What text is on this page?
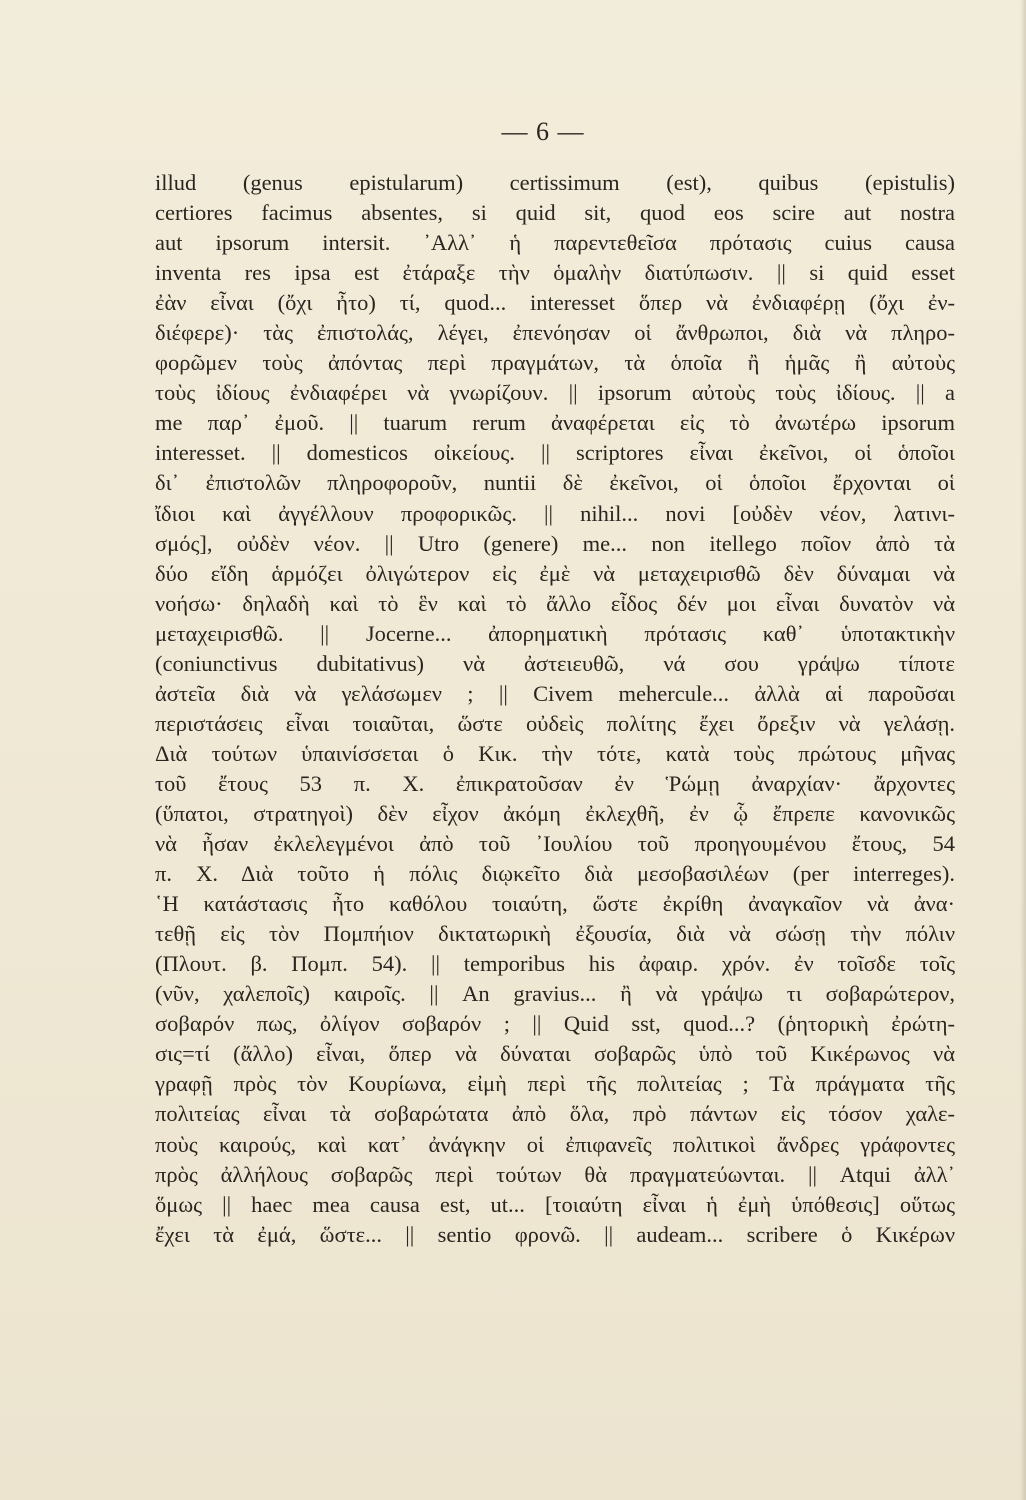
— 6 —
illud (genus epistularum) certissimum (est), quibus (epistulis)
certiores facimus absentes, si quid sit, quod eos scire aut nostra
aut ipsorum intersit. ᾿Αλλ᾿ ἡ παρεντεθεῖσα πρότασις cuius causa
inventa res ipsa est ἐτάραξε τὴν ὁμαλὴν διατύπωσιν. || si quid esset
ἐὰν εἶναι (ὄχι ἦτο) τί, quod... interesset ὅπερ νὰ ἐνδιαφέρῃ (ὄχι ἐν-
διέφερε)· τὰς ἐπιστολάς, λέγει, ἐπενόησαν οἱ ἄνθρωποι, διὰ νὰ πληρο-
φορῶμεν τοὺς ἀπόντας περὶ πραγμάτων, τὰ ὁποῖα ἢ ἡμᾶς ἢ αὐτοὺς
τοὺς ἰδίους ἐνδιαφέρει νὰ γνωρίζουν. || ipsorum αὐτοὺς τοὺς ἰδίους. || a
me παρ᾿ ἐμοῦ. || tuarum rerum ἀναφέρεται εἰς τὸ ἀνωτέρω ipsorum
interesset. || domesticos οἰκείους. || scriptores εἶναι ἐκεῖνοι, οἱ ὁποῖοι
δι᾿ ἐπιστολῶν πληροφοροῦν, nuntii δὲ ἐκεῖνοι, οἱ ὁποῖοι ἔρχονται οἱ
ἴδιοι καὶ ἀγγέλλουν προφορικῶς. || nihil... novi [οὐδὲν νέον, λατινι-
σμός], οὐδὲν νέον. || Utro (genere) me... non itellego ποῖον ἀπὸ τὰ
δύο εἴδη ἁρμόζει ὀλιγώτερον εἰς ἐμὲ νὰ μεταχειρισθῶ δὲν δύναμαι νὰ
νοήσω· δηλαδὴ καὶ τὸ ἓν καὶ τὸ ἄλλο εἶδος δέν μοι εἶναι δυνατὸν νὰ
μεταχειρισθῶ. || Jocerne... ἀπορηματικὴ πρότασις καθ᾿ ὑποτακτικὴν
(coniunctivus dubitativus) νὰ ἀστειευθῶ, νά σου γράψω τίποτε
ἀστεῖα διὰ νὰ γελάσωμεν ; || Civem mehercule... ἀλλὰ αἱ παροῦσαι
περιστάσεις εἶναι τοιαῦται, ὥστε οὐδεὶς πολίτης ἔχει ὄρεξιν νὰ γελάσῃ.
Διὰ τούτων ὑπαινίσσεται ὁ Κικ. τὴν τότε, κατὰ τοὺς πρώτους μῆνας
τοῦ ἔτους 53 π. Χ. ἐπικρατοῦσαν ἐν Ῥώμῃ ἀναρχίαν· ἄρχοντες
(ὕπατοι, στρατηγοὶ) δὲν εἶχον ἀκόμη ἐκλεχθῆ, ἐν ᾧ ἔπρεπε κανονικῶς
νὰ ἦσαν ἐκλελεγμένοι ἀπὸ τοῦ ᾿Ιουλίου τοῦ προηγουμένου ἔτους, 54
π. Χ. Διὰ τοῦτο ἡ πόλις διῳκεῖτο διὰ μεσοβασιλέων (per interreges).
῾Η κατάστασις ἦτο καθόλου τοιαύτη, ὥστε ἐκρίθη ἀναγκαῖον νὰ ἀνα·
τεθῇ εἰς τὸν Πομπήιον δικτατωρικὴ ἐξουσία, διὰ νὰ σώσῃ τὴν πόλιν
(Πλουτ. β. Πομπ. 54). || temporibus his ἀφαιρ. χρόν. ἐν τοῖσδε τοῖς
(νῦν, χαλεποῖς) καιροῖς. || An gravius... ἢ νὰ γράψω τι σοβαρώτερον,
σοβαρόν πως, ὀλίγον σοβαρόν ; || Quid sst, quod...? (ῥητορικὴ ἐρώτη-
σις=τί (ἄλλο) εἶναι, ὅπερ νὰ δύναται σοβαρῶς ὑπὸ τοῦ Κικέρωνος νὰ
γραφῇ πρὸς τὸν Κουρίωνα, εἰμὴ περὶ τῆς πολιτείας ; Τὰ πράγματα τῆς
πολιτείας εἶναι τὰ σοβαρώτατα ἀπὸ ὅλα, πρὸ πάντων εἰς τόσον χαλε-
ποὺς καιρούς, καὶ κατ᾿ ἀνάγκην οἱ ἐπιφανεῖς πολιτικοὶ ἄνδρες γράφοντες
πρὸς ἀλλήλους σοβαρῶς περὶ τούτων θὰ πραγματεύωνται. || Atqui ἀλλ᾿
ὅμως || haec mea causa est, ut... [τοιαύτη εἶναι ἡ ἐμὴ ὑπόθεσις] οὕτως
ἔχει τὰ ἐμά, ὥστε... || sentio φρονῶ. || audeam... scribere ὁ Κικέρων
